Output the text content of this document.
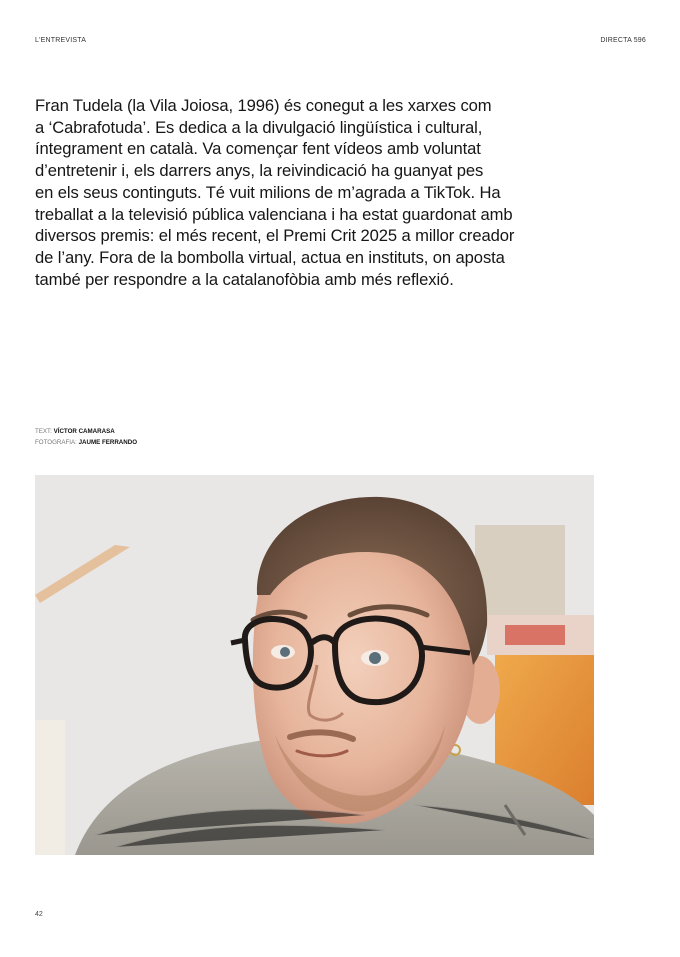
L'ENTREVISTA	DIRECTA 596

Fran Tudela (la Vila Joiosa, 1996) és conegut a les xarxes com

a ‘Cabrafotuda’. Es dedica a la divulgació lingüística i cultural,

íntegrament en català. Va començar fent vídeos amb voluntat

d’entretenir i, els darrers anys, la reivindicació ha guanyat pes

en els seus continguts. Té vuit milions de m’agrada a TikTok. Ha

treballat a la televisió pública valenciana i ha estat guardonat amb

diversos premis: el més recent, el Premi Crit 2025 a millor creador

de l’any. Fora de la bombolla virtual, actua en instituts, on aposta

també per respondre a la catalanofòbia amb més reflexió.

TEXT: VÍCTOR CAMARASA
FOTOGRAFIA: JAUME FERRANDO
42
